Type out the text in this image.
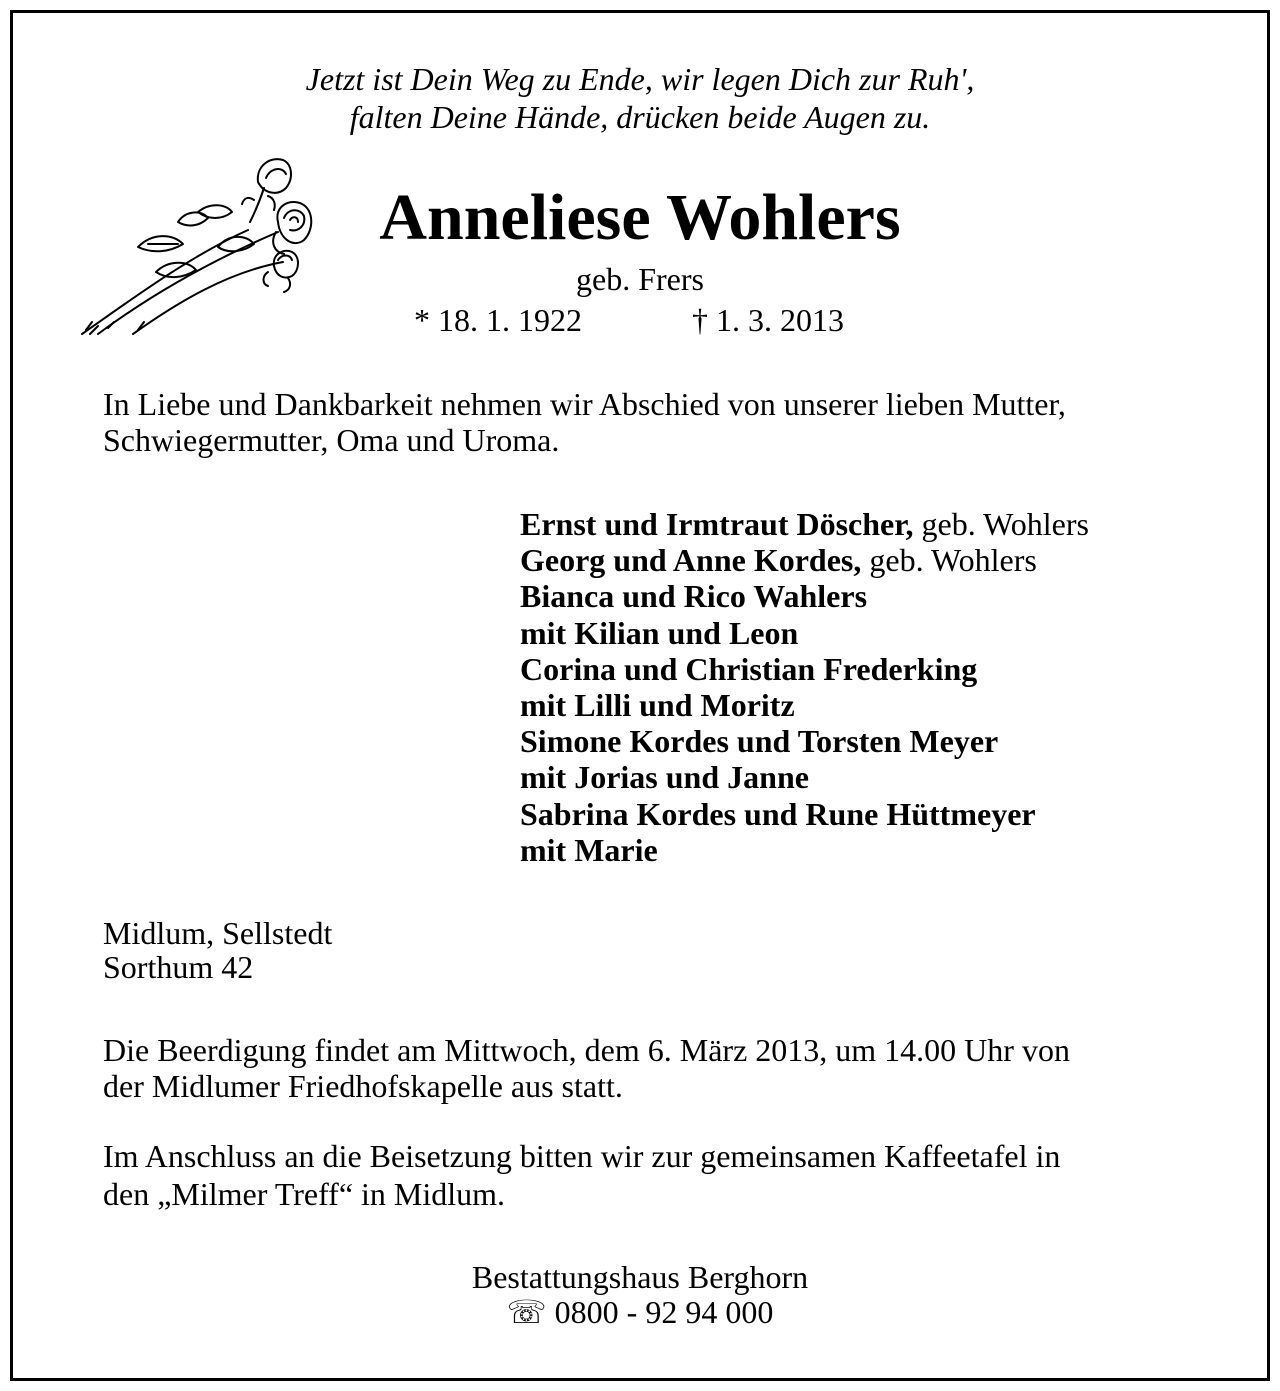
Jetzt ist Dein Weg zu Ende, wir legen Dich zur Ruh',

falten Deine Hände, drücken beide Augen zu.

Anneliese Wohlers

geb. Frers

* 18. 1. 1922	† 1. 3. 2013

In Liebe und Dankbarkeit nehmen wir Abschied von unserer lieben Mutter,

Schwiegermutter, Oma und Uroma.

Ernst und Irmtraut Döscher, geb. Wohlers
Georg und Anne Kordes, geb. Wohlers
Bianca und Rico Wahlers
mit Kilian und Leon
Corina und Christian Frederking
mit Lilli und Moritz
Simone Kordes und Torsten Meyer
mit Jorias und Janne
Sabrina Kordes und Rune Hüttmeyer
mit Marie

Midlum, Sellstedt

Sorthum 42

Die Beerdigung findet am Mittwoch, dem 6. März 2013, um 14.00 Uhr von

der Midlumer Friedhofskapelle aus statt.

Im Anschluss an die Beisetzung bitten wir zur gemeinsamen Kaffeetafel in

den „Milmer Treff“ in Midlum.

Bestattungshaus Berghorn

☏ 0800 - 92 94 000
